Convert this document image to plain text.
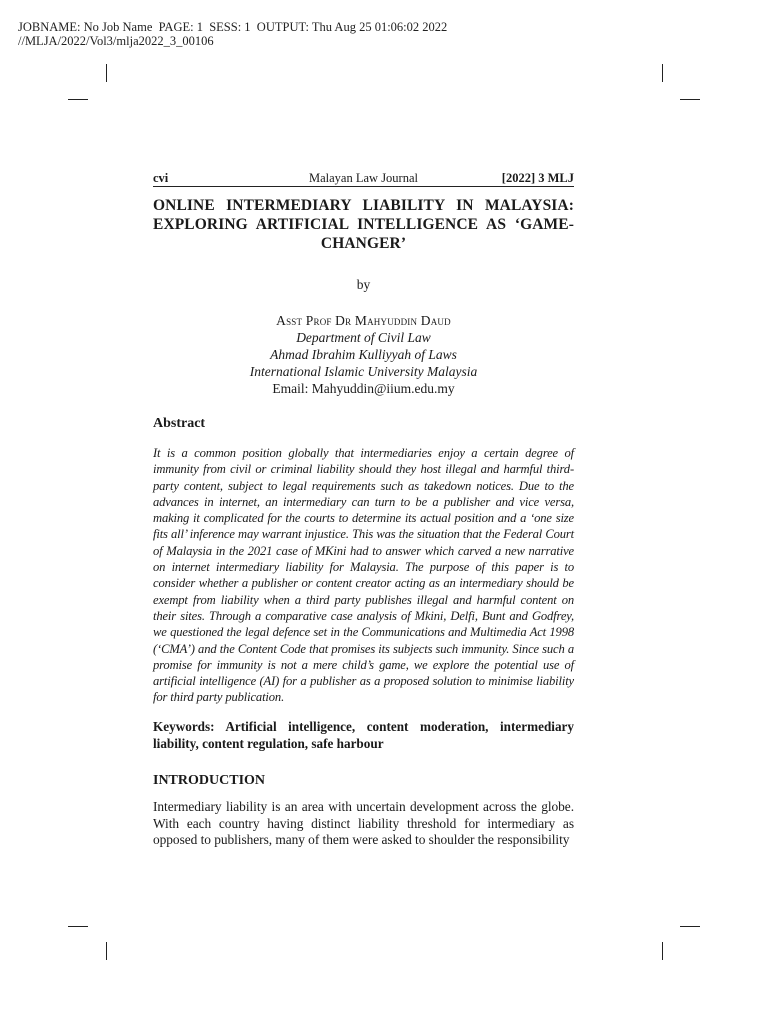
JOBNAME: No Job Name  PAGE: 1  SESS: 1  OUTPUT: Thu Aug 25 01:06:02 2022
//MLJA/2022/Vol3/mlja2022_3_00106
cvi	Malayan Law Journal	[2022] 3 MLJ
ONLINE INTERMEDIARY LIABILITY IN MALAYSIA: EXPLORING ARTIFICIAL INTELLIGENCE AS ‘GAME-CHANGER’
by
Asst Prof Dr Mahyuddin Daud
Department of Civil Law
Ahmad Ibrahim Kulliyyah of Laws
International Islamic University Malaysia
Email: Mahyuddin@iium.edu.my
Abstract

It is a common position globally that intermediaries enjoy a certain degree of immunity from civil or criminal liability should they host illegal and harmful third-party content, subject to legal requirements such as takedown notices. Due to the advances in internet, an intermediary can turn to be a publisher and vice versa, making it complicated for the courts to determine its actual position and a ‘one size fits all’ inference may warrant injustice. This was the situation that the Federal Court of Malaysia in the 2021 case of MKini had to answer which carved a new narrative on internet intermediary liability for Malaysia. The purpose of this paper is to consider whether a publisher or content creator acting as an intermediary should be exempt from liability when a third party publishes illegal and harmful content on their sites. Through a comparative case analysis of Mkini, Delfi, Bunt and Godfrey, we questioned the legal defence set in the Communications and Multimedia Act 1998 (‘CMA’) and the Content Code that promises its subjects such immunity. Since such a promise for immunity is not a mere child’s game, we explore the potential use of artificial intelligence (AI) for a publisher as a proposed solution to minimise liability for third party publication.

Keywords: Artificial intelligence, content moderation, intermediary liability, content regulation, safe harbour

INTRODUCTION

Intermediary liability is an area with uncertain development across the globe. With each country having distinct liability threshold for intermediary as opposed to publishers, many of them were asked to shoulder the responsibility
